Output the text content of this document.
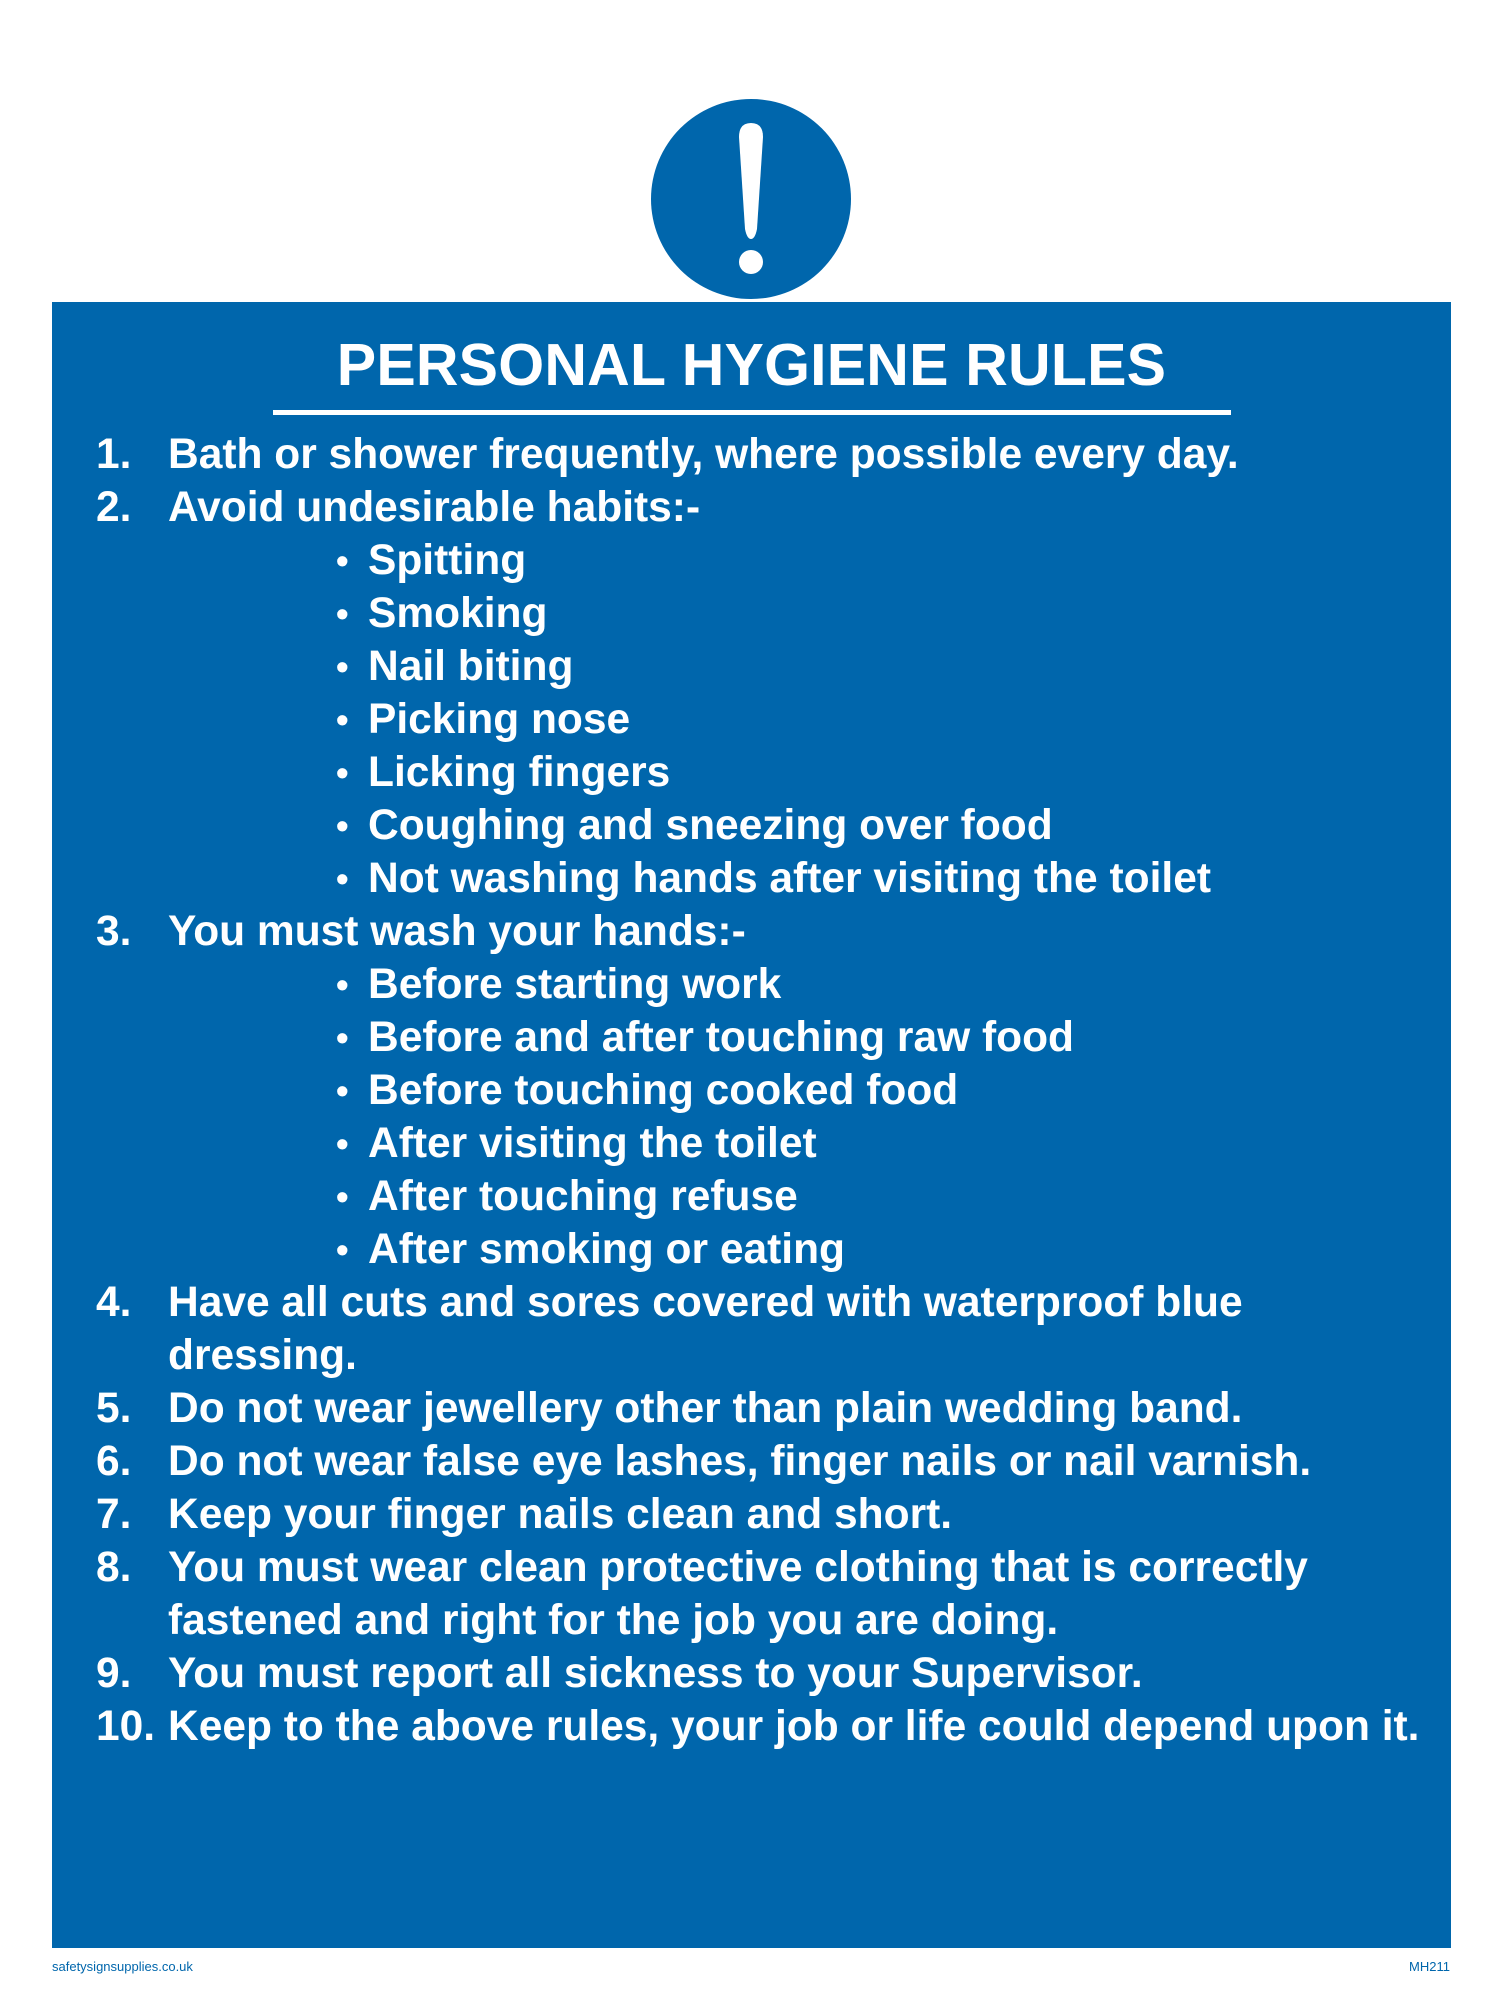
PERSONAL HYGIENE RULES
1. Bath or shower frequently, where possible every day.
2. Avoid undesirable habits:-
• Spitting
• Smoking
• Nail biting
• Picking nose
• Licking fingers
• Coughing and sneezing over food
• Not washing hands after visiting the toilet
3. You must wash your hands:-
• Before starting work
• Before and after touching raw food
• Before touching cooked food
• After visiting the toilet
• After touching refuse
• After smoking or eating
4. Have all cuts and sores covered with waterproof blue dressing.
5. Do not wear jewellery other than plain wedding band.
6. Do not wear false eye lashes, finger nails or nail varnish.
7. Keep your finger nails clean and short.
8. You must wear clean protective clothing that is correctly fastened and right for the job you are doing.
9. You must report all sickness to your Supervisor.
10. Keep to the above rules, your job or life could depend upon it.
safetysignsupplies.co.uk	MH211
